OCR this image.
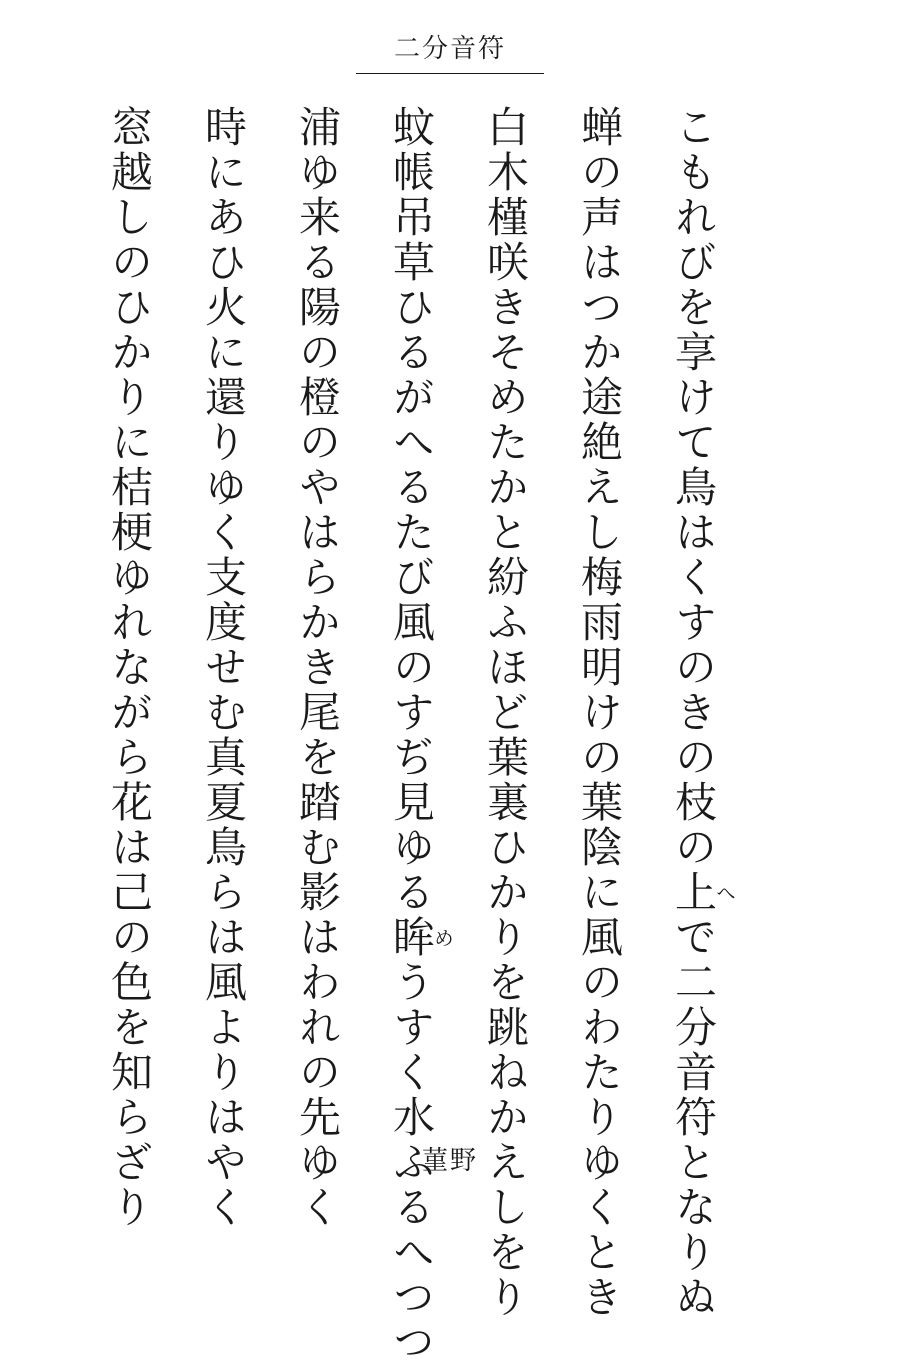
二分音符
こもれびを享けて鳥はくすのきの枝の上へで二分音符となりぬ
蝉の声はつか途絶えし梅雨明けの葉陰に風のわたりゆくとき
白木槿咲きそめたかと紛ふほど葉裏ひかりを跳ねかえしをり
蚊帳吊草ひるがへるたび風のすぢ見ゆる眸めうすく水ふるへつつ
浦ゆ来る陽の橙のやはらかき尾を踏む影はわれの先ゆく
時にあひ火に還りゆく支度せむ真夏鳥らは風よりはやく
窓越しのひかりに桔梗ゆれながら花は己の色を知らざり	菫野
